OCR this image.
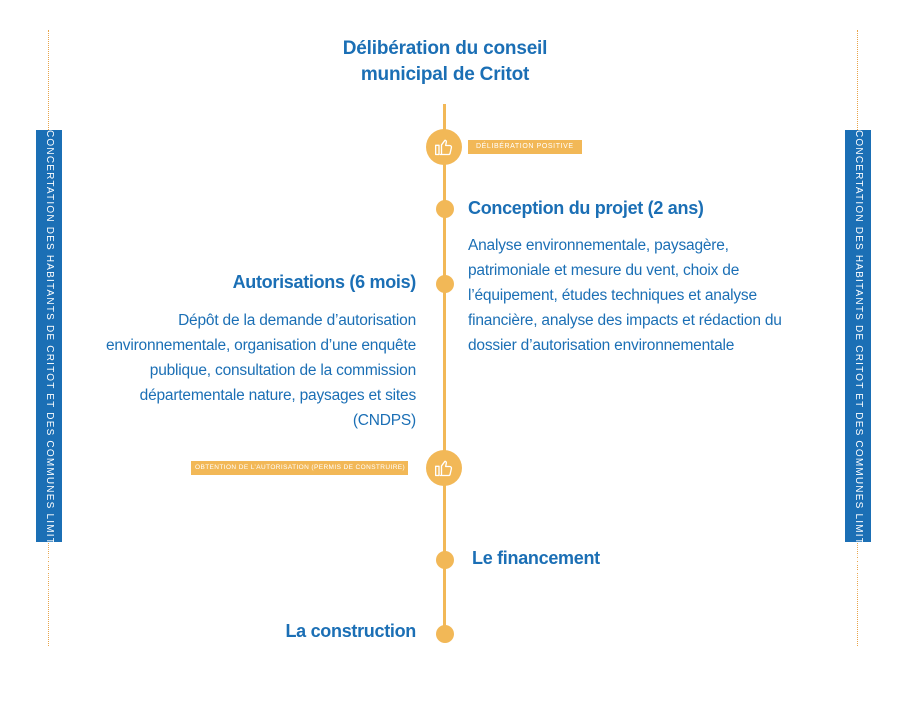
CONCERTATION DES HABITANTS DE CRITOT ET DES COMMUNES LIMITROPHES	CONCERTATION DES HABITANTS DE CRITOT ET DES COMMUNES LIMITROPHES
Délibération du conseil municipal de Critot
DÉLIBÉRATION POSITIVE
Conception du projet (2 ans)
Analyse environnementale, paysagère, patrimoniale et mesure du vent, choix de l’équipement, études techniques et analyse financière, analyse des impacts et rédaction du dossier d’autorisation environnementale
Autorisations (6 mois)
Dépôt de la demande d’autorisation environnementale, organisation d’une enquête publique, consultation de la commission départementale nature, paysages et sites (CNDPS)
OBTENTION DE L’AUTORISATION (PERMIS DE CONSTRUIRE)
Le financement
La construction
